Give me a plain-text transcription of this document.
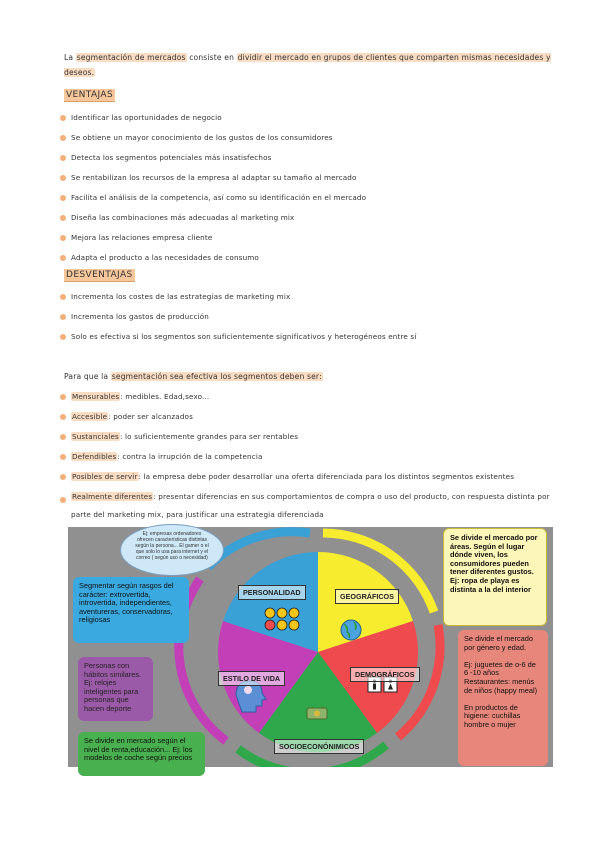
La segmentación de mercados consiste en dividir el mercado en grupos de clientes que comparten mismas necesidades y deseos.
VENTAJAS
Identificar las oportunidades de negocio
Se obtiene un mayor conocimiento de los gustos de los consumidores
Detecta los segmentos potenciales más insatisfechos
Se rentabilizan los recursos de la empresa al adaptar su tamaño al mercado
Facilita el análisis de la competencia, así como su identificación en el mercado
Diseña las combinaciones más adecuadas al marketing mix
Mejora las relaciones empresa cliente
Adapta el producto a las necesidades de consumo
DESVENTAJAS
Incrementa los costes de las estrategias de marketing mix
Incrementa los gastos de producción
Solo es efectiva si los segmentos son suficientemente significativos y heterogéneos entre sí
Para que la segmentación sea efectiva los segmentos deben ser:
Mensurables: medibles. Edad,sexo...
Accesible: poder ser alcanzados
Sustanciales: lo suficientemente grandes para ser rentables
Defendibles: contra la irrupción de la competencia
Posibles de servir: la empresa debe poder desarrollar una oferta diferenciada para los distintos segmentos existentes
Realmente diferentes: presentar diferencias en sus comportamientos de compra o uso del producto, con respuesta distinta por parte del marketing mix, para justificar una estrategia diferenciada
PERSONALIDAD	GEOGRÁFICOS
DEMOGRÁFICOS
SOCIOECONÓNIMICOS
ESTILO DE VIDA
Ej: empresas ordenadores ofrecen características distintas según la persona... El gamer o el que solo lo usa para internet y el correo ( según uso o necesidad)
Segmentar según rasgos del carácter: extrovertida, introvertida, independientes, aventureras, conservadoras, religiosas
Personas con hábitos similares. Ej: relojes inteligentes para personas que hacen deporte
Se divide en mercado según el nivel de renta,educación... Ej: los modelos de coche según precios
Se divide el mercado por áreas. Según el lugar dónde viven, los consumidores pueden tener diferentes gustos. Ej: ropa de playa es distinta a la del interior
Se divide el mercado por género y edad.

Ej: juguetes de o-6 de 6 -10 años
Restaurantes: menús de niños (happy meal)

En productos de higiene: cuchillas hombre o mujer
